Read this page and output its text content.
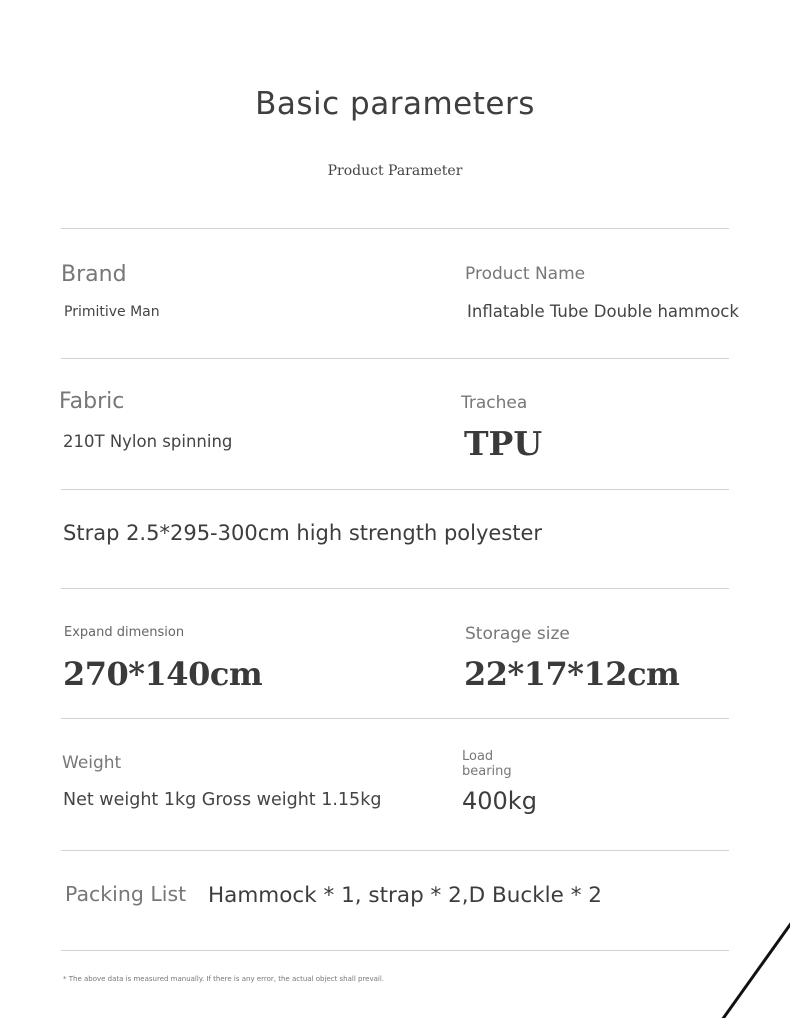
Basic parameters
Product Parameter
Brand
Primitive Man
Product Name
Inflatable Tube Double hammock
Fabric
210T Nylon spinning
Trachea
TPU
Strap 2.5*295-300cm high strength polyester
Expand dimension
270*140cm
Storage size
22*17*12cm
Weight
Net weight 1kg Gross weight 1.15kg
Load bearing
400kg
Packing List Hammock * 1, strap * 2,D Buckle * 2
* The above data is measured manually. If there is any error, the actual object shall prevail.
